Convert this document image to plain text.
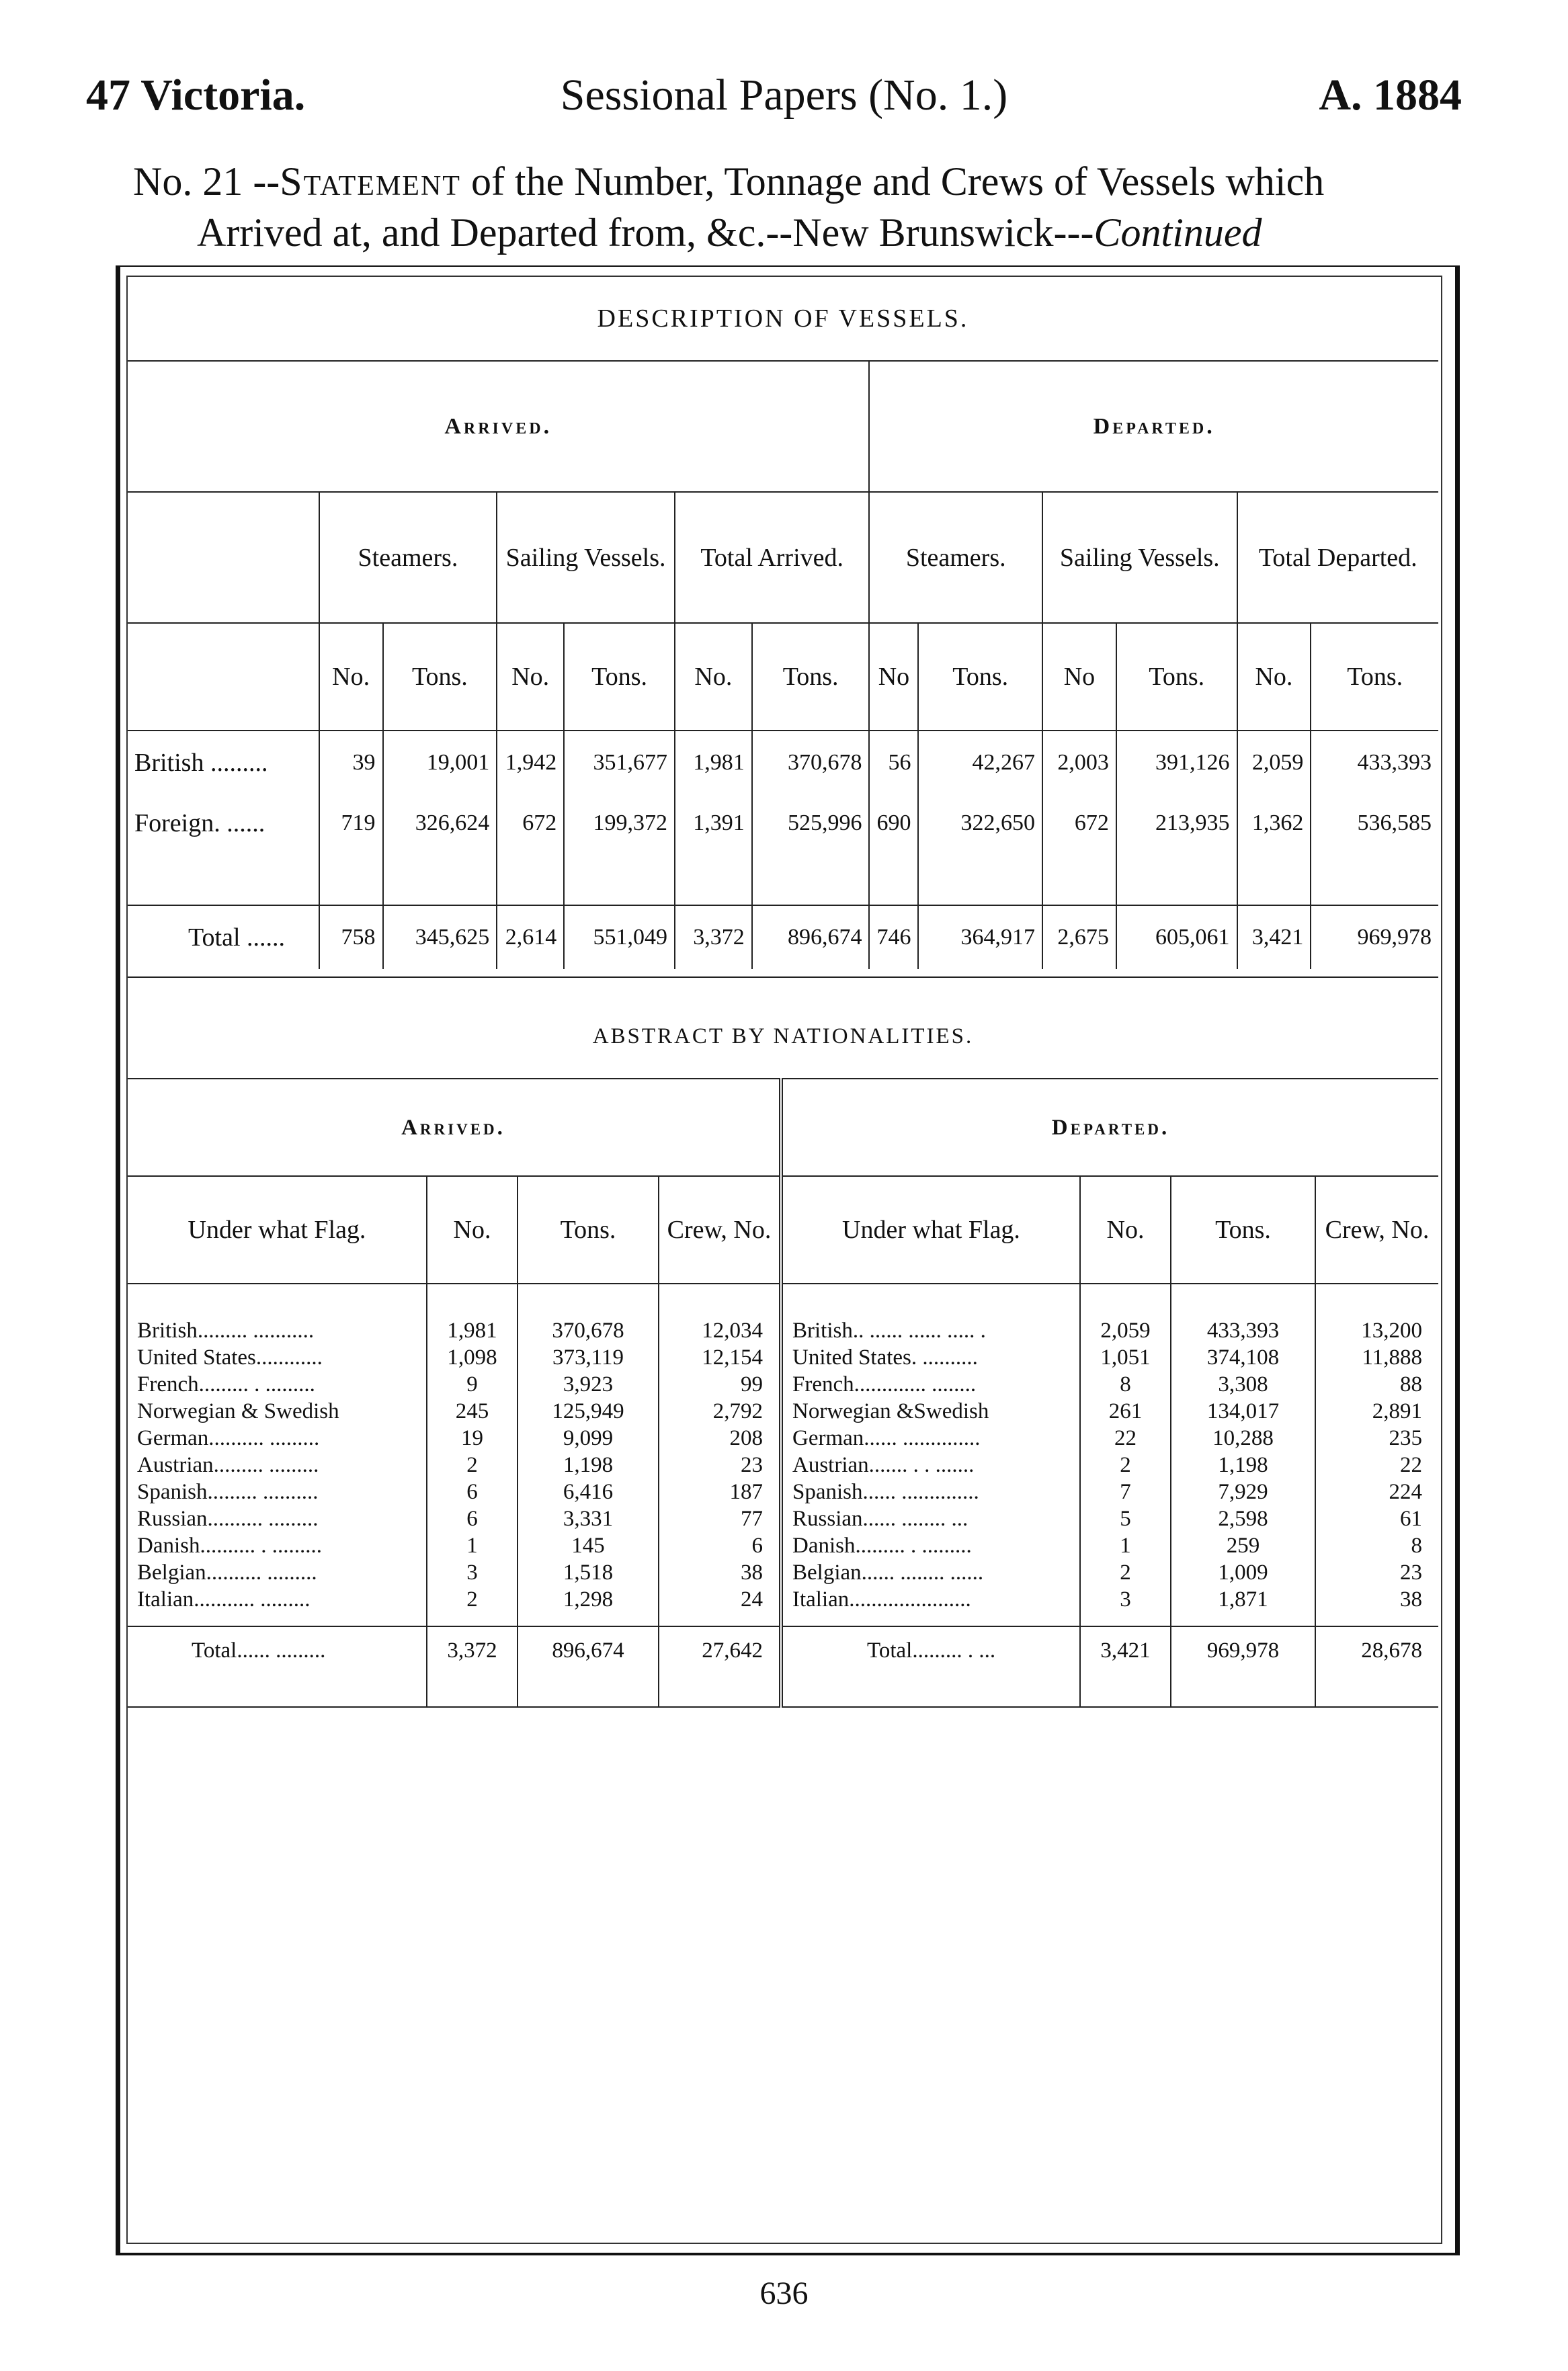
47 Victoria.	Sessional Papers (No. 1.)	A. 1884
No. 21 --Statement of the Number, Tonnage and Crews of Vessels which
Arrived at, and Departed from, &c.--New Brunswick---Continued
DESCRIPTION OF VESSELS.												
Arrived.							Departed.					
	Steamers.		Sailing Vessels.		Total Arrived.		Steamers.		Sailing Vessels.		Total Departed.	
	No.	Tons.	No.	Tons.	No.	Tons.	No	Tons.	No	Tons.	No.	Tons.
British .........	39	19,001	1,942	351,677	1,981	370,678	56	42,267	2,003	391,126	2,059	433,393
Foreign. ......	719	326,624	672	199,372	1,391	525,996	690	322,650	672	213,935	1,362	536,585

Total ......	758	345,625	2,614	551,049	3,372	896,674	746	364,917	2,675	605,061	3,421	969,978

ABSTRACT BY NATIONALITIES.							
Arrived.				Departed.			
Under what Flag.	No.	Tons.	Crew, No.	Under what Flag.	No.	Tons.	Crew, No.

British......... ...........	1,981	370,678	12,034	British.. ...... ...... ..... .	2,059	433,393	13,200
United States............	1,098	373,119	12,154	United States. ..........	1,051	374,108	11,888
French......... . .........	9	3,923	99	French............. ........	8	3,308	88
Norwegian & Swedish	245	125,949	2,792	Norwegian &Swedish	261	134,017	2,891
German.......... .........	19	9,099	208	German...... ..............	22	10,288	235
Austrian......... .........	2	1,198	23	Austrian....... . . .......	2	1,198	22
Spanish......... ..........	6	6,416	187	Spanish...... ..............	7	7,929	224
Russian.......... .........	6	3,331	77	Russian...... ........ ...	5	2,598	61
Danish.......... . .........	1	145	6	Danish......... . .........	1	259	8
Belgian.......... .........	3	1,518	38	Belgian...... ........ ......	2	1,009	23
Italian........... .........	2	1,298	24	Italian......................	3	1,871	38

Total...... .........	3,372	896,674	27,642	Total......... . ...	3,421	969,978	28,678

636
